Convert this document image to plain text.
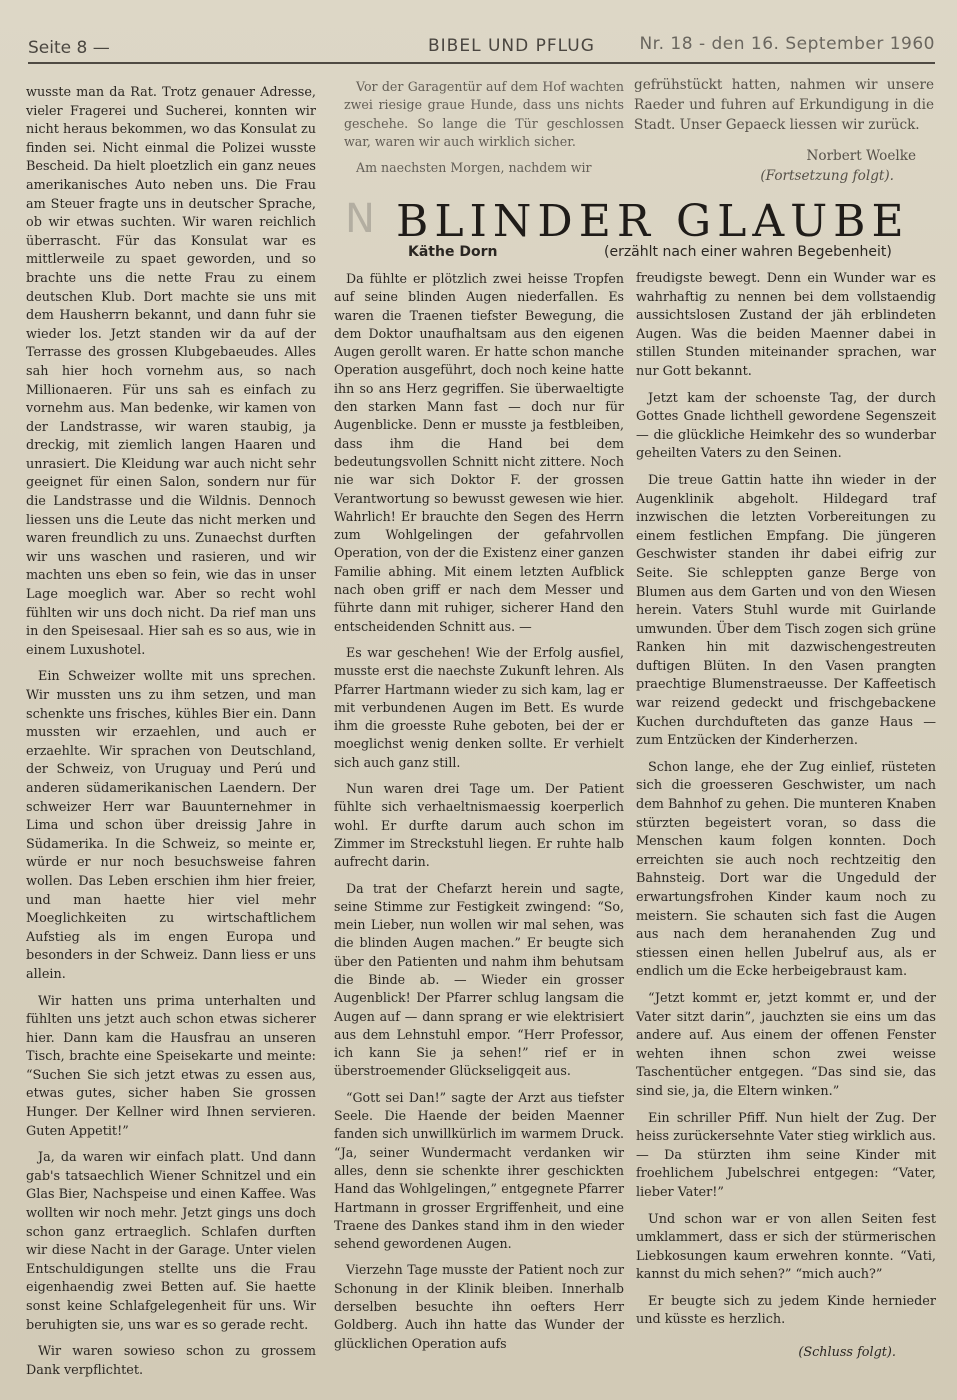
Seite 8 —	BIBEL UND PFLUG	Nr. 18 - den 16. September 1960

wusste man da Rat. Trotz genauer Adresse, vieler Fragerei und Sucherei, konnten wir nicht heraus bekommen, wo das Konsulat zu finden sei. Nicht einmal die Polizei wusste Bescheid. Da hielt ploetzlich ein ganz neues amerikanisches Auto neben uns. Die Frau am Steuer fragte uns in deutscher Sprache, ob wir etwas suchten. Wir waren reichlich überrascht. Für das Konsulat war es mittlerweile zu spaet geworden, und so brachte uns die nette Frau zu einem deutschen Klub. Dort machte sie uns mit dem Hausherrn bekannt, und dann fuhr sie wieder los. Jetzt standen wir da auf der Terrasse des grossen Klubgebaeudes. Alles sah hier hoch vornehm aus, so nach Millionaeren. Für uns sah es einfach zu vornehm aus. Man bedenke, wir kamen von der Landstrasse, wir waren staubig, ja dreckig, mit ziemlich langen Haaren und unrasiert. Die Kleidung war auch nicht sehr geeignet für einen Salon, sondern nur für die Landstrasse und die Wildnis. Dennoch liessen uns die Leute das nicht merken und waren freundlich zu uns. Zunaechst durften wir uns waschen und rasieren, und wir machten uns eben so fein, wie das in unser Lage moeglich war. Aber so recht wohl fühlten wir uns doch nicht. Da rief man uns in den Speisesaal. Hier sah es so aus, wie in einem Luxushotel.

Ein Schweizer wollte mit uns sprechen. Wir mussten uns zu ihm setzen, und man schenkte uns frisches, kühles Bier ein. Dann mussten wir erzaehlen, und auch er erzaehlte. Wir sprachen von Deutschland, der Schweiz, von Uruguay und Perú und anderen südamerikanischen Laendern. Der schweizer Herr war Bauunternehmer in Lima und schon über dreissig Jahre in Südamerika. In die Schweiz, so meinte er, würde er nur noch besuchsweise fahren wollen. Das Leben erschien ihm hier freier, und man haette hier viel mehr Moeglichkeiten zu wirtschaftlichem Aufstieg als im engen Europa und besonders in der Schweiz. Dann liess er uns allein.

Wir hatten uns prima unterhalten und fühlten uns jetzt auch schon etwas sicherer hier. Dann kam die Hausfrau an unseren Tisch, brachte eine Speisekarte und meinte: “Suchen Sie sich jetzt etwas zu essen aus, etwas gutes, sicher haben Sie grossen Hunger. Der Kellner wird Ihnen servieren. Guten Appetit!”

Ja, da waren wir einfach platt. Und dann gab's tatsaechlich Wiener Schnitzel und ein Glas Bier, Nachspeise und einen Kaffee. Was wollten wir noch mehr. Jetzt gings uns doch schon ganz ertraeglich. Schlafen durften wir diese Nacht in der Garage. Unter vielen Entschuldigungen stellte uns die Frau eigenhaendig zwei Betten auf. Sie haette sonst keine Schlafgelegenheit für uns. Wir beruhigten sie, uns war es so gerade recht.

Wir waren sowieso schon zu grossem Dank verpflichtet.

Vor der Garagentür auf dem Hof wachten zwei riesige graue Hunde, dass uns nichts geschehe. So lange die Tür geschlossen war, waren wir auch wirklich sicher.

Am naechsten Morgen, nachdem wir

gefrühstückt hatten, nahmen wir unsere Raeder und fuhren auf Erkundigung in die Stadt. Unser Gepaeck liessen wir zurück.

Norbert Woelke

(Fortsetzung folgt).

N BLINDER GLAUBE
Käthe Dorn	(erzählt nach einer wahren Begebenheit)

Da fühlte er plötzlich zwei heisse Tropfen auf seine blinden Augen niederfallen. Es waren die Traenen tiefster Bewegung, die dem Doktor unaufhaltsam aus den eigenen Augen gerollt waren. Er hatte schon manche Operation ausgeführt, doch noch keine hatte ihn so ans Herz gegriffen. Sie überwaeltigte den starken Mann fast — doch nur für Augenblicke. Denn er musste ja festbleiben, dass ihm die Hand bei dem bedeutungsvollen Schnitt nicht zittere. Noch nie war sich Doktor F. der grossen Verantwortung so bewusst gewesen wie hier. Wahrlich! Er brauchte den Segen des Herrn zum Wohlgelingen der gefahrvollen Operation, von der die Existenz einer ganzen Familie abhing. Mit einem letzten Aufblick nach oben griff er nach dem Messer und führte dann mit ruhiger, sicherer Hand den entscheidenden Schnitt aus. —

Es war geschehen! Wie der Erfolg ausfiel, musste erst die naechste Zukunft lehren. Als Pfarrer Hartmann wieder zu sich kam, lag er mit verbundenen Augen im Bett. Es wurde ihm die groesste Ruhe geboten, bei der er moeglichst wenig denken sollte. Er verhielt sich auch ganz still.

Nun waren drei Tage um. Der Patient fühlte sich verhaeltnismaessig koerperlich wohl. Er durfte darum auch schon im Zimmer im Streckstuhl liegen. Er ruhte halb aufrecht darin.

Da trat der Chefarzt herein und sagte, seine Stimme zur Festigkeit zwingend: “So, mein Lieber, nun wollen wir mal sehen, was die blinden Augen machen.” Er beugte sich über den Patienten und nahm ihm behutsam die Binde ab. — Wieder ein grosser Augenblick! Der Pfarrer schlug langsam die Augen auf — dann sprang er wie elektrisiert aus dem Lehnstuhl empor. “Herr Professor, ich kann Sie ja sehen!” rief er in überstroemender Glückseligqeit aus.

“Gott sei Dan!” sagte der Arzt aus tiefster Seele. Die Haende der beiden Maenner fanden sich unwillkürlich im warmem Druck. “Ja, seiner Wundermacht verdanken wir alles, denn sie schenkte ihrer geschickten Hand das Wohlgelingen,” entgegnete Pfarrer Hartmann in grosser Ergriffenheit, und eine Traene des Dankes stand ihm in den wieder sehend gewordenen Augen.

Vierzehn Tage musste der Patient noch zur Schonung in der Klinik bleiben. Innerhalb derselben besuchte ihn oefters Herr Goldberg. Auch ihn hatte das Wunder der glücklichen Operation aufs

freudigste bewegt. Denn ein Wunder war es wahrhaftig zu nennen bei dem vollstaendig aussichtslosen Zustand der jäh erblindeten Augen. Was die beiden Maenner dabei in stillen Stunden miteinander sprachen, war nur Gott bekannt.

Jetzt kam der schoenste Tag, der durch Gottes Gnade lichthell gewordene Segenszeit — die glückliche Heimkehr des so wunderbar geheilten Vaters zu den Seinen.

Die treue Gattin hatte ihn wieder in der Augenklinik abgeholt. Hildegard traf inzwischen die letzten Vorbereitungen zu einem festlichen Empfang. Die jüngeren Geschwister standen ihr dabei eifrig zur Seite. Sie schleppten ganze Berge von Blumen aus dem Garten und von den Wiesen herein. Vaters Stuhl wurde mit Guirlande umwunden. Über dem Tisch zogen sich grüne Ranken hin mit dazwischengestreuten duftigen Blüten. In den Vasen prangten praechtige Blumenstraeusse. Der Kaffeetisch war reizend gedeckt und frischgebackene Kuchen durchdufteten das ganze Haus — zum Entzücken der Kinderherzen.

Schon lange, ehe der Zug einlief, rüsteten sich die groesseren Geschwister, um nach dem Bahnhof zu gehen. Die munteren Knaben stürzten begeistert voran, so dass die Menschen kaum folgen konnten. Doch erreichten sie auch noch rechtzeitig den Bahnsteig. Dort war die Ungeduld der erwartungsfrohen Kinder kaum noch zu meistern. Sie schauten sich fast die Augen aus nach dem heranahenden Zug und stiessen einen hellen Jubelruf aus, als er endlich um die Ecke herbeigebraust kam.

“Jetzt kommt er, jetzt kommt er, und der Vater sitzt darin”, jauchzten sie eins um das andere auf. Aus einem der offenen Fenster wehten ihnen schon zwei weisse Taschentücher entgegen. “Das sind sie, das sind sie, ja, die Eltern winken.”

Ein schriller Pfiff. Nun hielt der Zug. Der heiss zurückersehnte Vater stieg wirklich aus. — Da stürzten ihm seine Kinder mit froehlichem Jubelschrei entgegen: “Vater, lieber Vater!”

Und schon war er von allen Seiten fest umklammert, dass er sich der stürmerischen Liebkosungen kaum erwehren konnte. “Vati, kannst du mich sehen?” “mich auch?”

Er beugte sich zu jedem Kinde hernieder und küsste es herzlich.

(Schluss folgt).
